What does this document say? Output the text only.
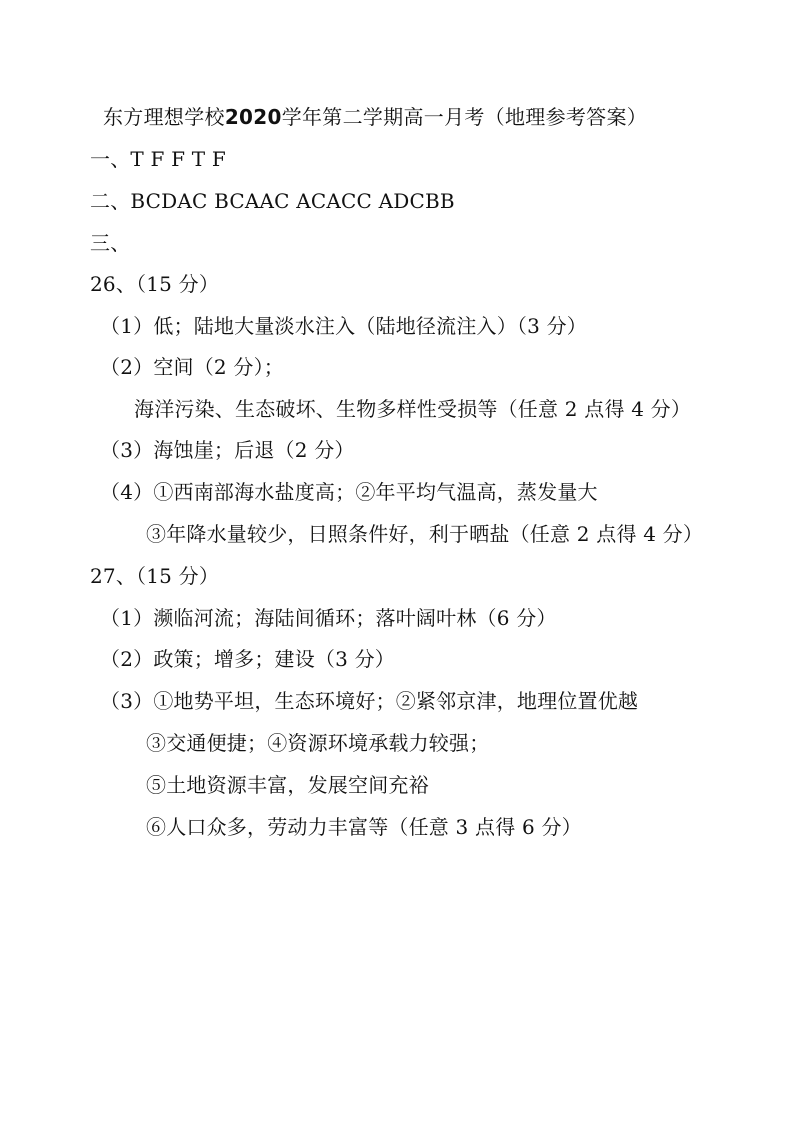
东方理想学校2020学年第二学期高一月考（地理参考答案）
一、T F F T F
二、BCDAC BCAAC ACACC ADCBB
三、
26、（15 分）
（1）低；陆地大量淡水注入（陆地径流注入）（3 分）
（2）空间（2 分）；
海洋污染、生态破坏、生物多样性受损等（任意 2 点得 4 分）
（3）海蚀崖；后退（2 分）
（4）①西南部海水盐度高；②年平均气温高，蒸发量大
③年降水量较少，日照条件好，利于晒盐（任意 2 点得 4 分）
27、（15 分）
（1）濒临河流；海陆间循环；落叶阔叶林（6 分）
（2）政策；增多；建设（3 分）
（3）①地势平坦，生态环境好；②紧邻京津，地理位置优越
③交通便捷；④资源环境承载力较强；
⑤土地资源丰富，发展空间充裕
⑥人口众多，劳动力丰富等（任意 3 点得 6 分）
